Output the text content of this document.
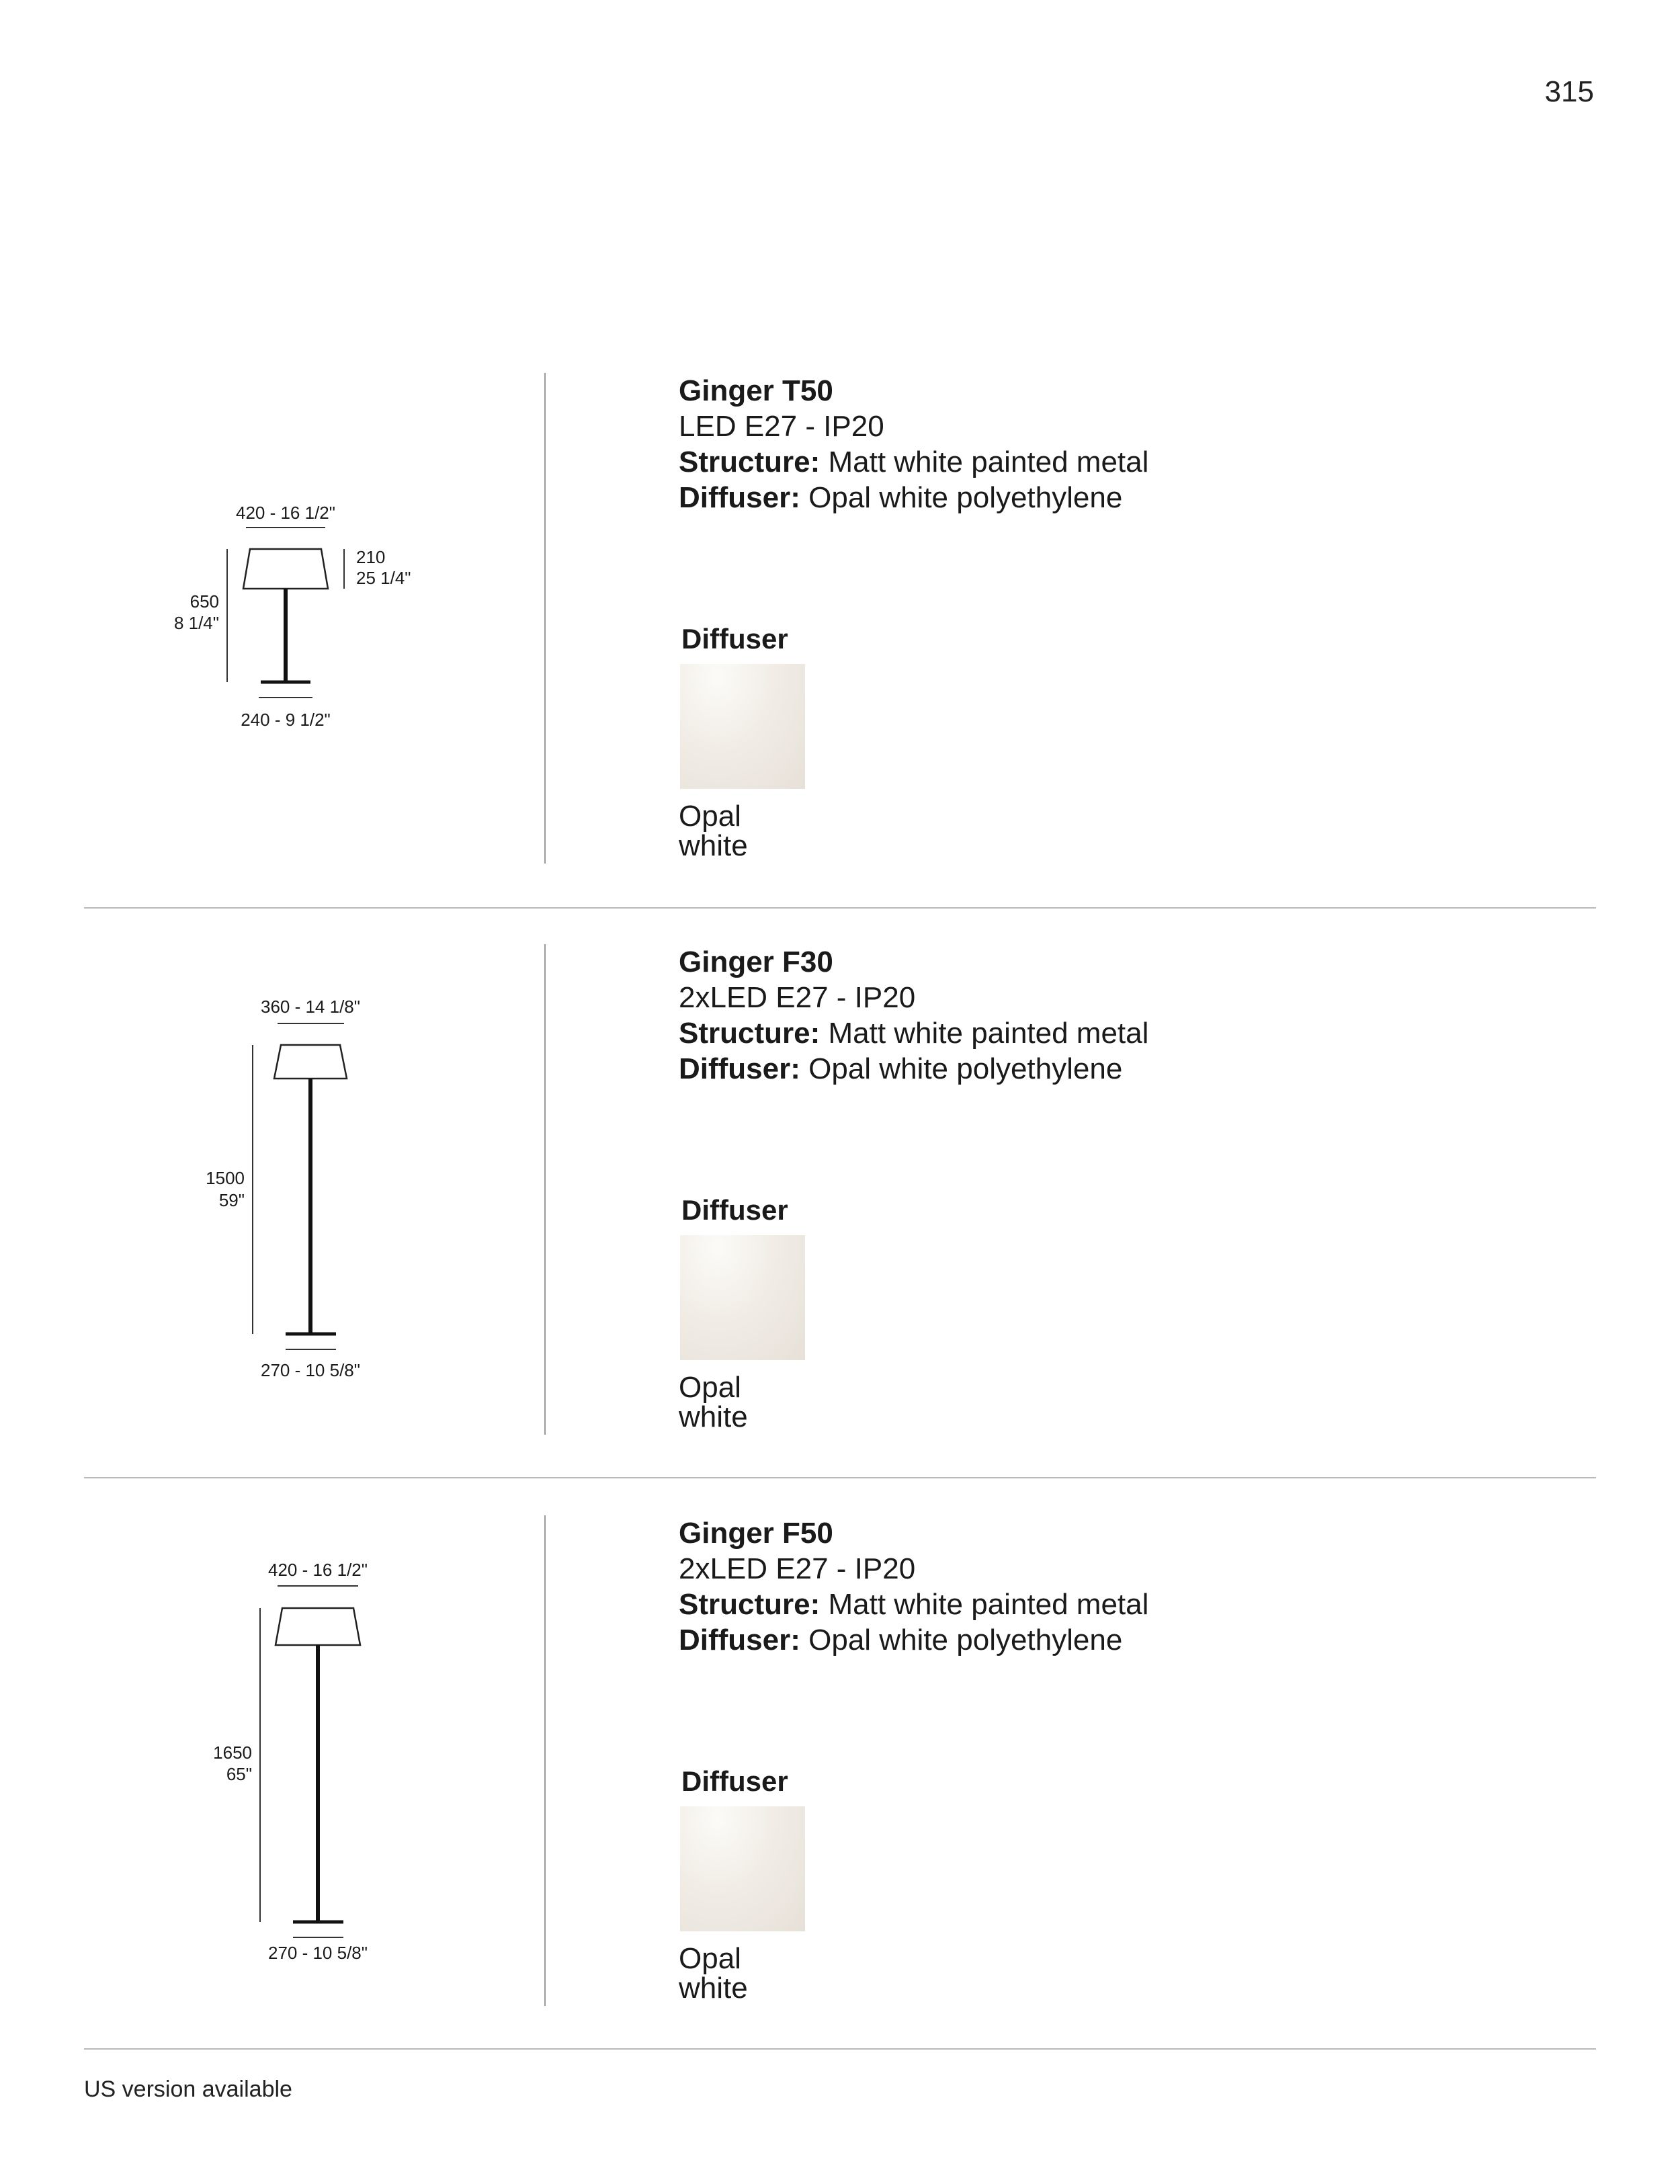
315
420 - 16 1/2"
210
25 1/4"
650
8 1/4"
240 - 9 1/2"
Ginger T50
LED E27 - IP20
Structure: Matt white painted metal
Diffuser: Opal white polyethylene
Diffuser
Opal
white
360 - 14 1/8"
1500
59"
270 - 10 5/8"
Ginger F30
2xLED E27 - IP20
Structure: Matt white painted metal
Diffuser: Opal white polyethylene
Diffuser
Opal
white
420 - 16 1/2"
1650
65"
270 - 10 5/8"
Ginger F50
2xLED E27 - IP20
Structure: Matt white painted metal
Diffuser: Opal white polyethylene
Diffuser
Opal
white
US version available
